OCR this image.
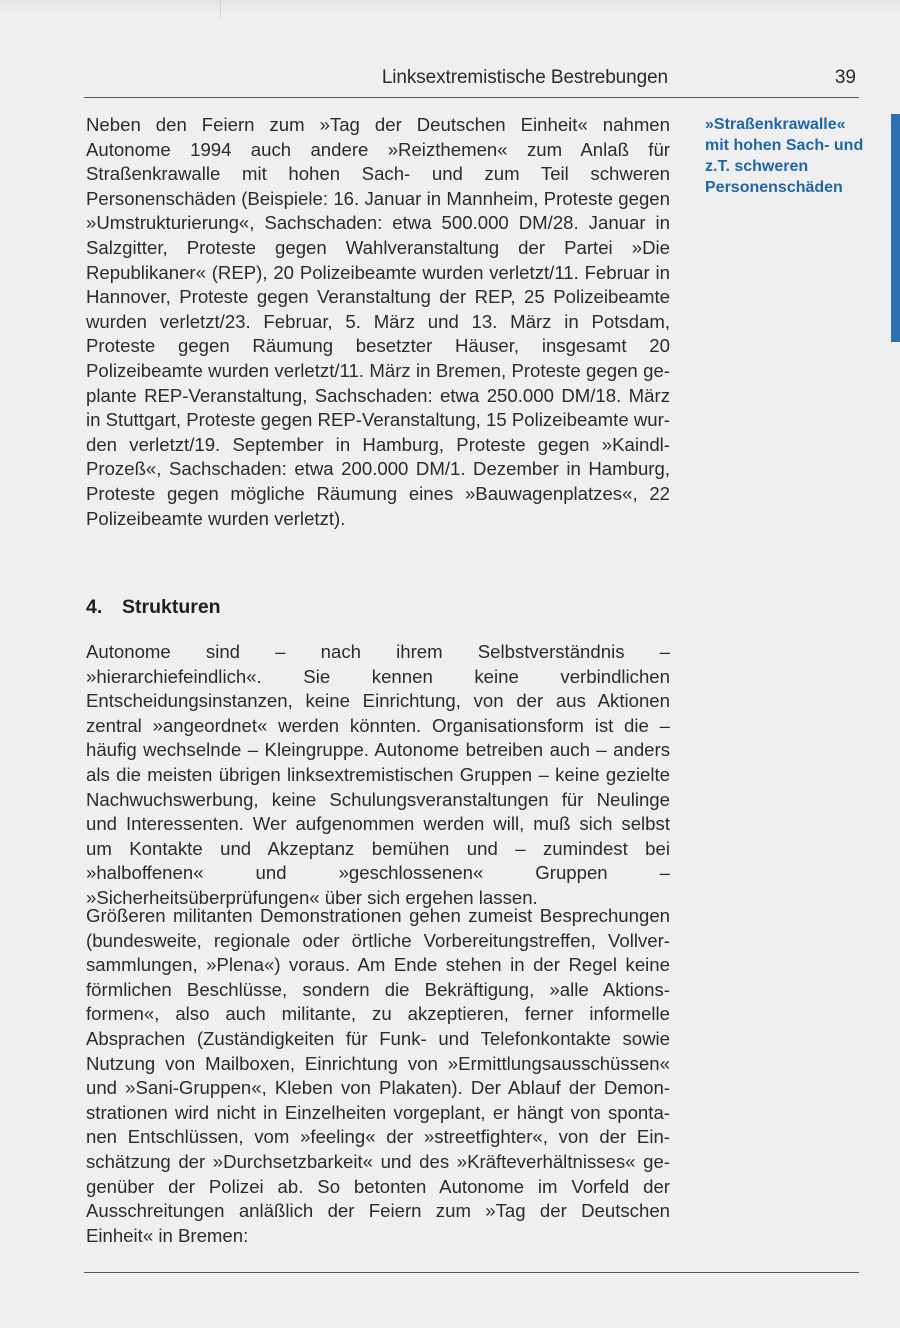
Linksextremistische Bestrebungen	39
»Straßenkrawalle« mit hohen Sach- und z.T. schweren Personenschäden

Neben den Feiern zum »Tag der Deutschen Einheit« nahmen Autonome 1994 auch andere »Reizthemen« zum Anlaß für Straßenkrawalle mit hohen Sach- und zum Teil schweren Personenschäden (Beispiele: 16. Januar in Mannheim, Proteste gegen »Umstrukturierung«, Sachschaden: etwa 500.000 DM/28. Januar in Salzgitter, Proteste gegen Wahlveranstaltung der Partei »Die Republikaner« (REP), 20 Polizeibeamte wurden verletzt/11. Februar in Hannover, Proteste gegen Veranstaltung der REP, 25 Polizeibeamte wurden verletzt/23. Februar, 5. März und 13. März in Potsdam, Proteste gegen Räumung besetzter Häuser, insgesamt 20 Polizeibeamte wurden verletzt/11. März in Bremen, Proteste gegen geplante REP-Veranstaltung, Sachschaden: etwa 250.000 DM/18. März in Stuttgart, Proteste gegen REP-Veranstaltung, 15 Polizeibeamte wurden verletzt/19. September in Hamburg, Proteste gegen »Kaindl-Prozeß«, Sachschaden: etwa 200.000 DM/1. Dezember in Hamburg, Proteste gegen mögliche Räumung eines »Bauwagenplatzes«, 22 Polizeibeamte wurden verletzt).

4. Strukturen

Autonome sind – nach ihrem Selbstverständnis – »hierarchiefeindlich«. Sie kennen keine verbindlichen Entscheidungsinstanzen, keine Einrichtung, von der aus Aktionen zentral »angeordnet« werden könnten. Organisationsform ist die – häufig wechselnde – Kleingruppe. Autonome betreiben auch – anders als die meisten übrigen linksextremistischen Gruppen – keine gezielte Nachwuchswerbung, keine Schulungsveranstaltungen für Neulinge und Interessenten. Wer aufgenommen werden will, muß sich selbst um Kontakte und Akzeptanz bemühen und – zumindest bei »halboffenen« und »geschlossenen« Gruppen – »Sicherheitsüberprüfungen« über sich ergehen lassen.

Größeren militanten Demonstrationen gehen zumeist Besprechungen (bundesweite, regionale oder örtliche Vorbereitungstreffen, Vollversammlungen, »Plena«) voraus. Am Ende stehen in der Regel keine förmlichen Beschlüsse, sondern die Bekräftigung, »alle Aktionsformen«, also auch militante, zu akzeptieren, ferner informelle Absprachen (Zuständigkeiten für Funk- und Telefonkontakte sowie Nutzung von Mailboxen, Einrichtung von »Ermittlungsausschüssen« und »Sani-Gruppen«, Kleben von Plakaten). Der Ablauf der Demonstrationen wird nicht in Einzelheiten vorgeplant, er hängt von spontanen Entschlüssen, vom »feeling« der »streetfighter«, von der Einschätzung der »Durchsetzbarkeit« und des »Kräfteverhältnisses« gegenüber der Polizei ab. So betonten Autonome im Vorfeld der Ausschreitungen anläßlich der Feiern zum »Tag der Deutschen Einheit« in Bremen:
